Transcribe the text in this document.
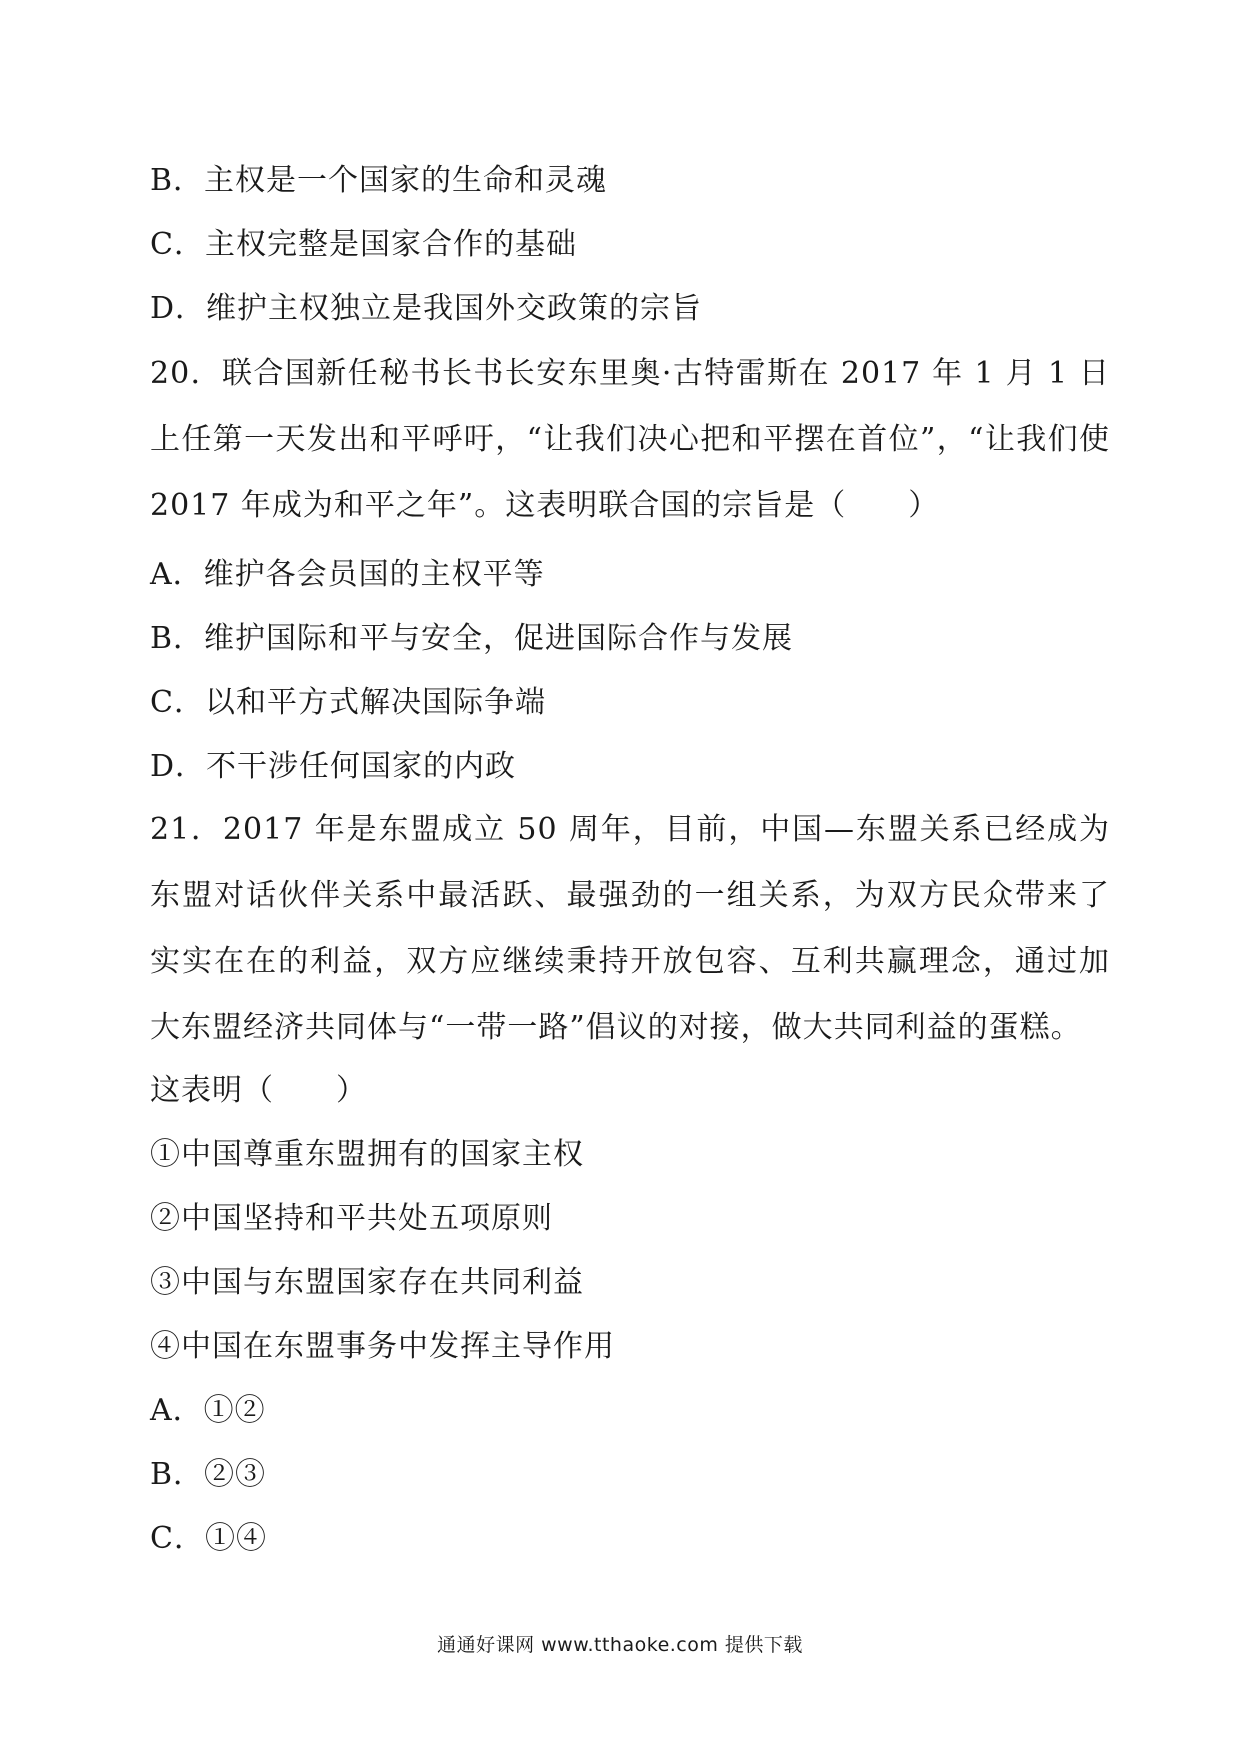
B．主权是一个国家的生命和灵魂
C．主权完整是国家合作的基础
D．维护主权独立是我国外交政策的宗旨
20．联合国新任秘书长书长安东里奥·古特雷斯在 2017 年 1 月 1 日上任第一天发出和平呼吁，“让我们决心把和平摆在首位”，“让我们使 2017 年成为和平之年”。这表明联合国的宗旨是（　　）
A．维护各会员国的主权平等
B．维护国际和平与安全，促进国际合作与发展
C．以和平方式解决国际争端
D．不干涉任何国家的内政
21．2017 年是东盟成立 50 周年，目前，中国—东盟关系已经成为东盟对话伙伴关系中最活跃、最强劲的一组关系，为双方民众带来了实实在在的利益，双方应继续秉持开放包容、互利共赢理念，通过加大东盟经济共同体与“一带一路”倡议的对接，做大共同利益的蛋糕。
这表明（　　）
①中国尊重东盟拥有的国家主权
②中国坚持和平共处五项原则
③中国与东盟国家存在共同利益
④中国在东盟事务中发挥主导作用
A．①②
B．②③
C．①④
通通好课网 www.tthaoke.com 提供下载
